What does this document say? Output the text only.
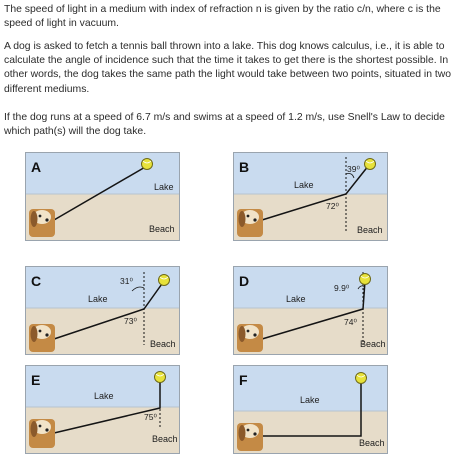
The speed of light in a medium with index of refraction n is given by the ratio c/n, where c is the speed of light in vacuum.

A dog is asked to fetch a tennis ball thrown into a lake. This dog knows calculus, i.e., it is able to calculate the angle of incidence such that the time it takes to get there is the shortest possible. In other words, the dog takes the same path the light would take between two points, situated in two different mediums.

If the dog runs at a speed of 6.7 m/s and swims at a speed of 1.2 m/s, use Snell's Law to decide which path(s) will the dog take.

A
Lake
Beach
B
Lake
Beach
39⁰
72⁰
C
Lake
Beach
31⁰
73⁰
D
Lake
Beach
9.9⁰
74⁰
E
Lake
Beach
75⁰
F
Lake
Beach
